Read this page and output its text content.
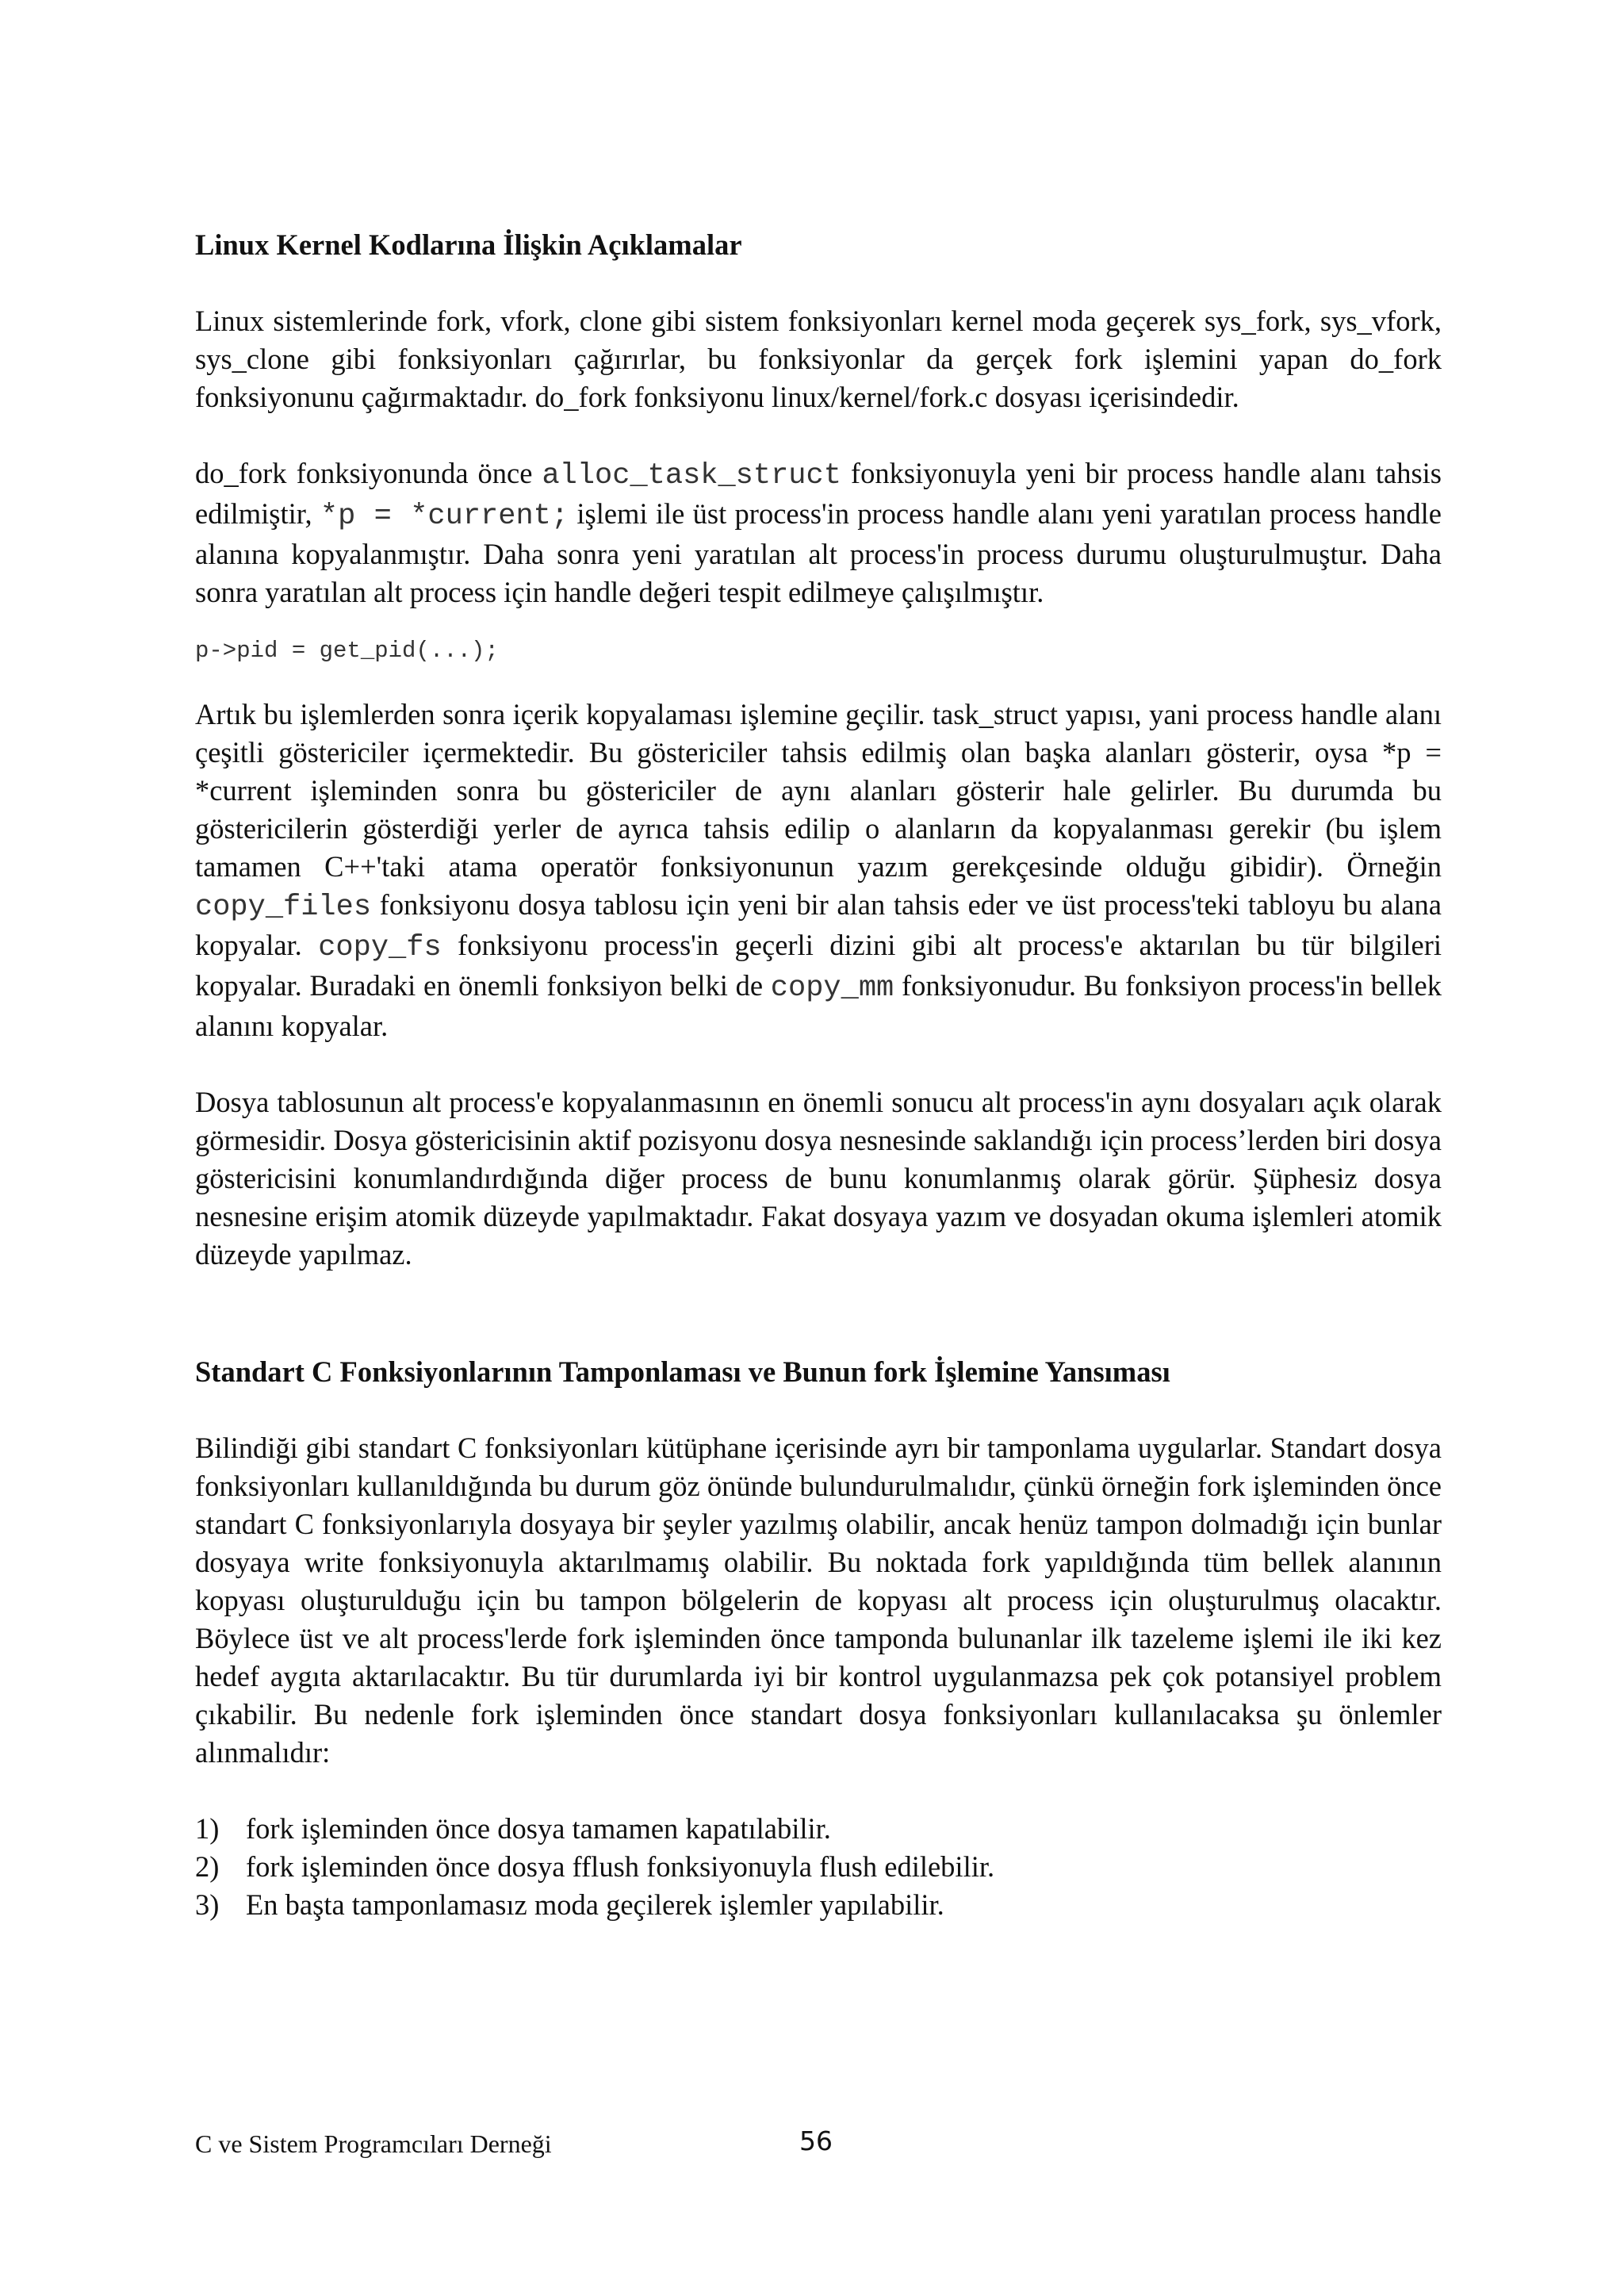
Linux Kernel Kodlarına İlişkin Açıklamalar

Linux sistemlerinde fork, vfork, clone gibi sistem fonksiyonları kernel moda geçerek sys_fork, sys_vfork, sys_clone gibi fonksiyonları çağırırlar, bu fonksiyonlar da gerçek fork işlemini yapan do_fork fonksiyonunu çağırmaktadır. do_fork fonksiyonu linux/kernel/fork.c dosyası içerisindedir.

do_fork fonksiyonunda önce alloc_task_struct fonksiyonuyla yeni bir process handle alanı tahsis edilmiştir, *p = *current; işlemi ile üst process'in process handle alanı yeni yaratılan process handle alanına kopyalanmıştır. Daha sonra yeni yaratılan alt process'in process durumu oluşturulmuştur. Daha sonra yaratılan alt process için handle değeri tespit edilmeye çalışılmıştır.

p->pid = get_pid(...);

Artık bu işlemlerden sonra içerik kopyalaması işlemine geçilir. task_struct yapısı, yani process handle alanı çeşitli göstericiler içermektedir. Bu göstericiler tahsis edilmiş olan başka alanları gösterir, oysa *p = *current işleminden sonra bu göstericiler de aynı alanları gösterir hale gelirler. Bu durumda bu göstericilerin gösterdiği yerler de ayrıca tahsis edilip o alanların da kopyalanması gerekir (bu işlem tamamen C++'taki atama operatör fonksiyonunun yazım gerekçesinde olduğu gibidir). Örneğin copy_files fonksiyonu dosya tablosu için yeni bir alan tahsis eder ve üst process'teki tabloyu bu alana kopyalar. copy_fs fonksiyonu process'in geçerli dizini gibi alt process'e aktarılan bu tür bilgileri kopyalar. Buradaki en önemli fonksiyon belki de copy_mm fonksiyonudur. Bu fonksiyon process'in bellek alanını kopyalar.

Dosya tablosunun alt process'e kopyalanmasının en önemli sonucu alt process'in aynı dosyaları açık olarak görmesidir. Dosya göstericisinin aktif pozisyonu dosya nesnesinde saklandığı için process’lerden biri dosya göstericisini konumlandırdığında diğer process de bunu konumlanmış olarak görür. Şüphesiz dosya nesnesine erişim atomik düzeyde yapılmaktadır. Fakat dosyaya yazım ve dosyadan okuma işlemleri atomik düzeyde yapılmaz.

Standart C Fonksiyonlarının Tamponlaması ve Bunun fork İşlemine Yansıması

Bilindiği gibi standart C fonksiyonları kütüphane içerisinde ayrı bir tamponlama uygularlar. Standart dosya fonksiyonları kullanıldığında bu durum göz önünde bulundurulmalıdır, çünkü örneğin fork işleminden önce standart C fonksiyonlarıyla dosyaya bir şeyler yazılmış olabilir, ancak henüz tampon dolmadığı için bunlar dosyaya write fonksiyonuyla aktarılmamış olabilir. Bu noktada fork yapıldığında tüm bellek alanının kopyası oluşturulduğu için bu tampon bölgelerin de kopyası alt process için oluşturulmuş olacaktır. Böylece üst ve alt process'lerde fork işleminden önce tamponda bulunanlar ilk tazeleme işlemi ile iki kez hedef aygıta aktarılacaktır. Bu tür durumlarda iyi bir kontrol uygulanmazsa pek çok potansiyel problem çıkabilir. Bu nedenle fork işleminden önce standart dosya fonksiyonları kullanılacaksa şu önlemler alınmalıdır:

1) fork işleminden önce dosya tamamen kapatılabilir.
2) fork işleminden önce dosya fflush fonksiyonuyla flush edilebilir.
3) En başta tamponlamasız moda geçilerek işlemler yapılabilir.
C ve Sistem Programcıları Derneği	56
